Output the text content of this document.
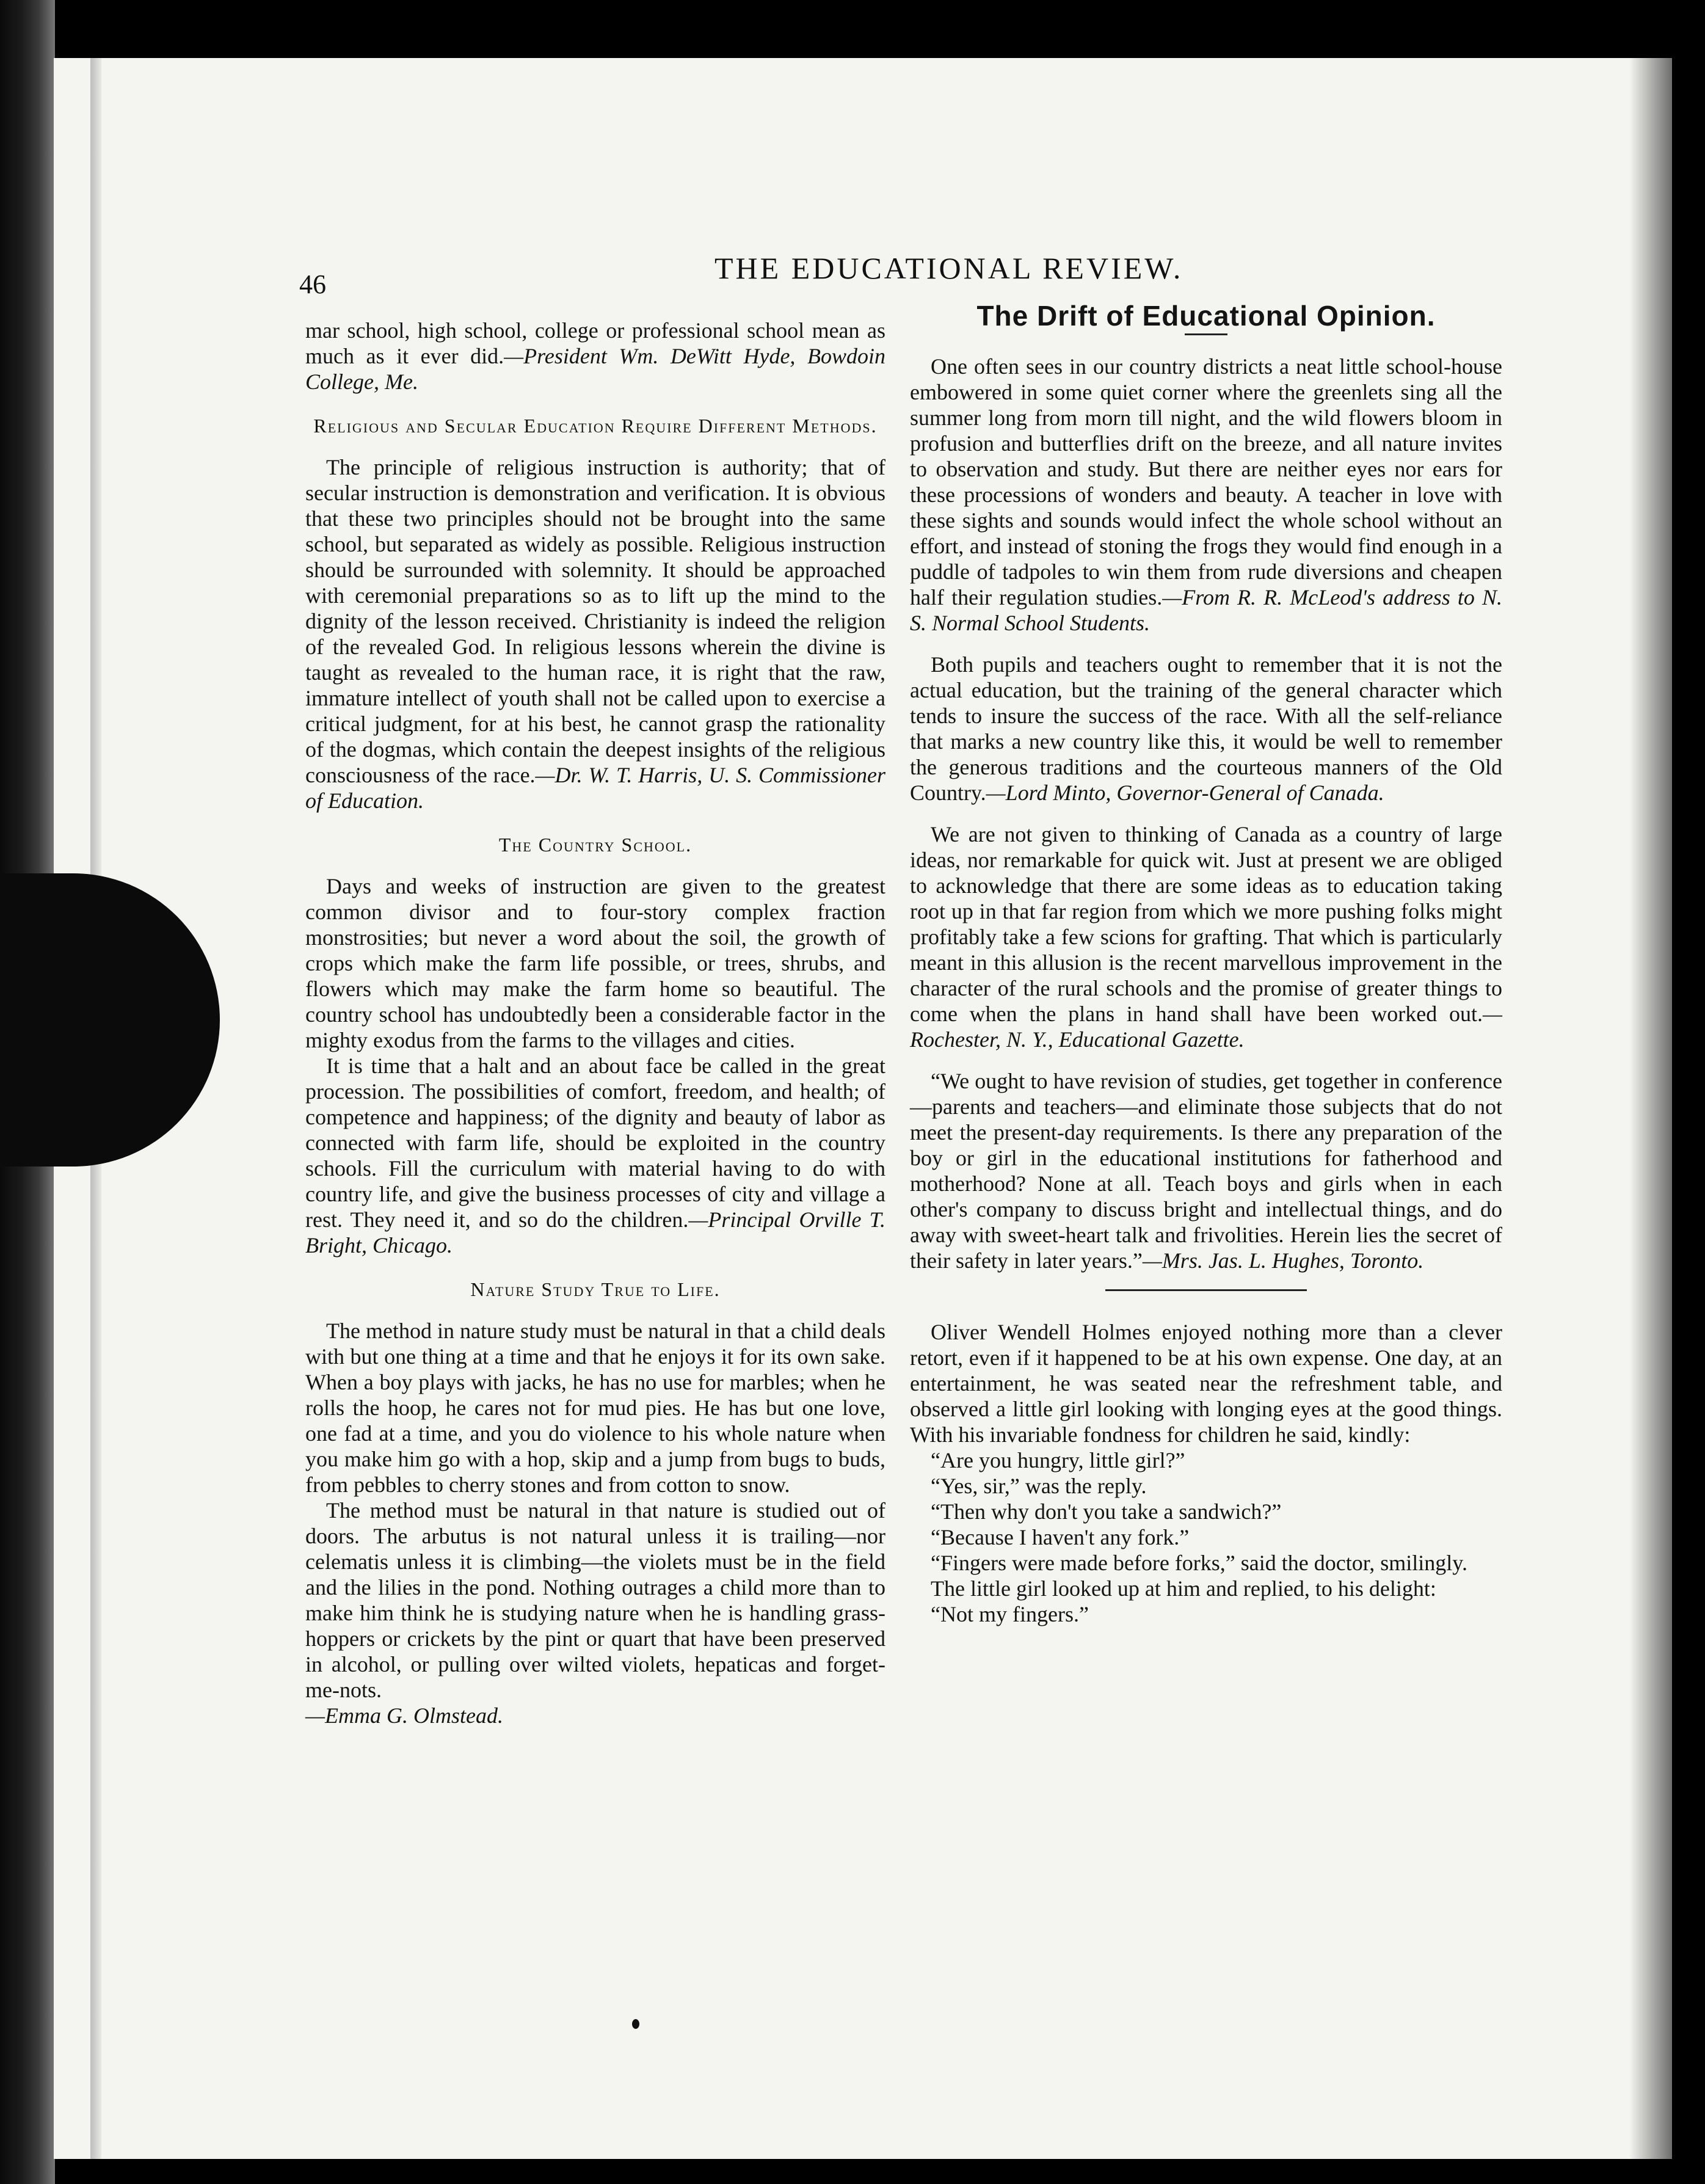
46	THE EDUCATIONAL REVIEW.

mar school, high school, college or professional school mean as much as it ever did.—President Wm. DeWitt Hyde, Bowdoin College, Me.

Religious and Secular Education Require Different Methods.

The principle of religious instruction is authority; that of secular instruction is demonstration and verification. It is obvious that these two principles should not be brought into the same school, but separated as widely as possible. Religious instruction should be surrounded with solemnity. It should be approached with ceremonial preparations so as to lift up the mind to the dignity of the lesson received. Christianity is indeed the religion of the revealed God. In religious lessons wherein the divine is taught as revealed to the human race, it is right that the raw, immature intellect of youth shall not be called upon to exercise a critical judgment, for at his best, he cannot grasp the rationality of the dogmas, which contain the deepest insights of the religious consciousness of the race.—Dr. W. T. Harris, U. S. Commissioner of Education.

The Country School.

Days and weeks of instruction are given to the greatest common divisor and to four-story complex fraction monstrosities; but never a word about the soil, the growth of crops which make the farm life possible, or trees, shrubs, and flowers which may make the farm home so beautiful. The country school has undoubtedly been a considerable factor in the mighty exodus from the farms to the villages and cities.

It is time that a halt and an about face be called in the great procession. The possibilities of comfort, freedom, and health; of competence and happiness; of the dignity and beauty of labor as connected with farm life, should be exploited in the country schools. Fill the curriculum with material having to do with country life, and give the business processes of city and village a rest. They need it, and so do the children.—Principal Orville T. Bright, Chicago.

Nature Study True to Life.

The method in nature study must be natural in that a child deals with but one thing at a time and that he enjoys it for its own sake. When a boy plays with jacks, he has no use for marbles; when he rolls the hoop, he cares not for mud pies. He has but one love, one fad at a time, and you do violence to his whole nature when you make him go with a hop, skip and a jump from bugs to buds, from pebbles to cherry stones and from cotton to snow.

The method must be natural in that nature is studied out of doors. The arbutus is not natural unless it is trailing—nor celematis unless it is climbing—the violets must be in the field and the lilies in the pond. Nothing outrages a child more than to make him think he is studying nature when he is handling grass-hoppers or crickets by the pint or quart that have been preserved in alcohol, or pulling over wilted violets, hepaticas and forget-me-nots.
—Emma G. Olmstead.

The Drift of Educational Opinion.

One often sees in our country districts a neat little school-house embowered in some quiet corner where the greenlets sing all the summer long from morn till night, and the wild flowers bloom in profusion and butterflies drift on the breeze, and all nature invites to observation and study. But there are neither eyes nor ears for these processions of wonders and beauty. A teacher in love with these sights and sounds would infect the whole school without an effort, and instead of stoning the frogs they would find enough in a puddle of tadpoles to win them from rude diversions and cheapen half their regulation studies.—From R. R. McLeod's address to N. S. Normal School Students.

Both pupils and teachers ought to remember that it is not the actual education, but the training of the general character which tends to insure the success of the race. With all the self-reliance that marks a new country like this, it would be well to remember the generous traditions and the courteous manners of the Old Country.—Lord Minto, Governor-General of Canada.

We are not given to thinking of Canada as a country of large ideas, nor remarkable for quick wit. Just at present we are obliged to acknowledge that there are some ideas as to education taking root up in that far region from which we more pushing folks might profitably take a few scions for grafting. That which is particularly meant in this allusion is the recent marvellous improvement in the character of the rural schools and the promise of greater things to come when the plans in hand shall have been worked out.—Rochester, N. Y., Educational Gazette.

“We ought to have revision of studies, get together in conference—parents and teachers—and eliminate those subjects that do not meet the present-day requirements. Is there any preparation of the boy or girl in the educational institutions for fatherhood and motherhood? None at all. Teach boys and girls when in each other's company to discuss bright and intellectual things, and do away with sweet-heart talk and frivolities. Herein lies the secret of their safety in later years.”—Mrs. Jas. L. Hughes, Toronto.

Oliver Wendell Holmes enjoyed nothing more than a clever retort, even if it happened to be at his own expense. One day, at an entertainment, he was seated near the refreshment table, and observed a little girl looking with longing eyes at the good things. With his invariable fondness for children he said, kindly:

“Are you hungry, little girl?”

“Yes, sir,” was the reply.

“Then why don't you take a sandwich?”

“Because I haven't any fork.”

“Fingers were made before forks,” said the doctor, smilingly.

The little girl looked up at him and replied, to his delight:

“Not my fingers.”
